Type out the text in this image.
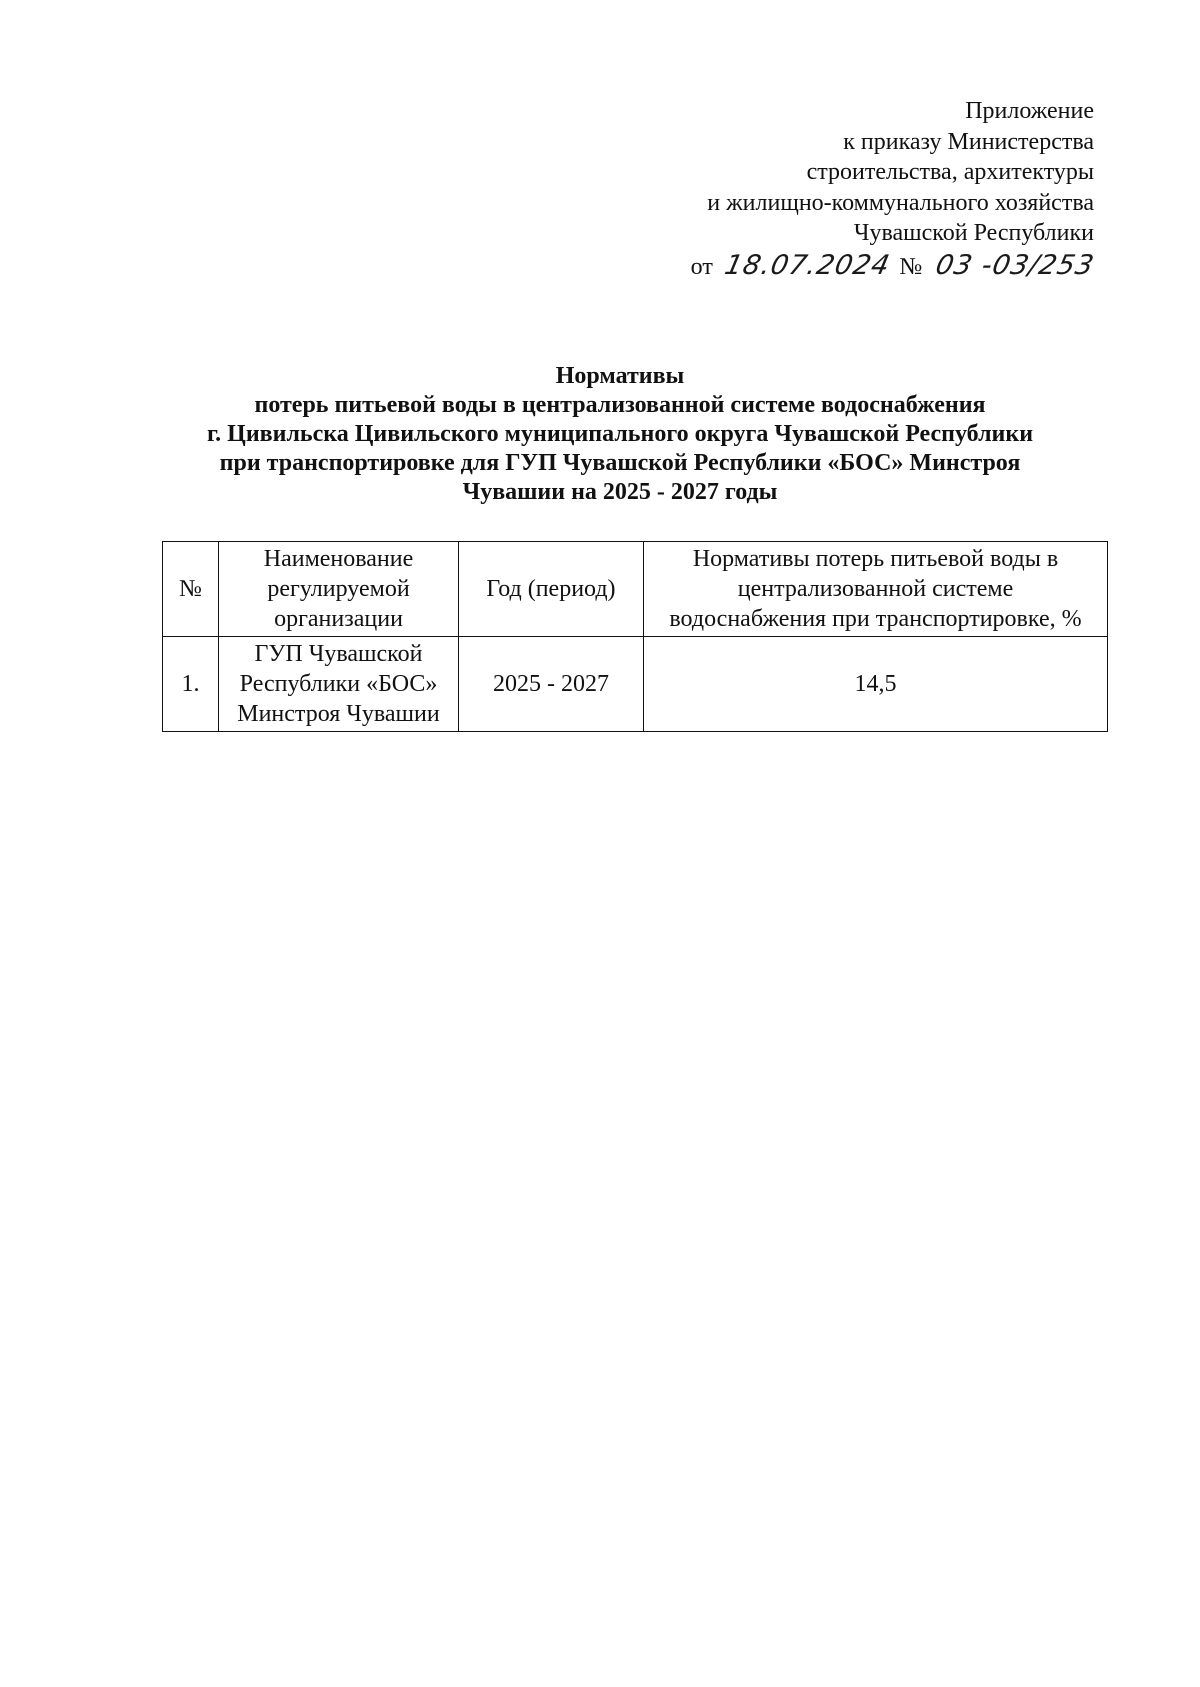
Приложение
к приказу Министерства
строительства, архитектуры
и жилищно-коммунального хозяйства
Чувашской Республики
от 18.07.2024 № 03 -03/253
Нормативы
потерь питьевой воды в централизованной системе водоснабжения
г. Цивильска Цивильского муниципального округа Чувашской Республики
при транспортировке для ГУП Чувашской Республики «БОС» Минстроя
Чувашии на 2025 - 2027 годы
№	Наименование
регулируемой
организации	Год (период)	Нормативы потерь питьевой воды в
централизованной системе
водоснабжения при транспортировке, %

1.	ГУП Чувашской
Республики «БОС»
Минстроя Чувашии	2025 - 2027	14,5
